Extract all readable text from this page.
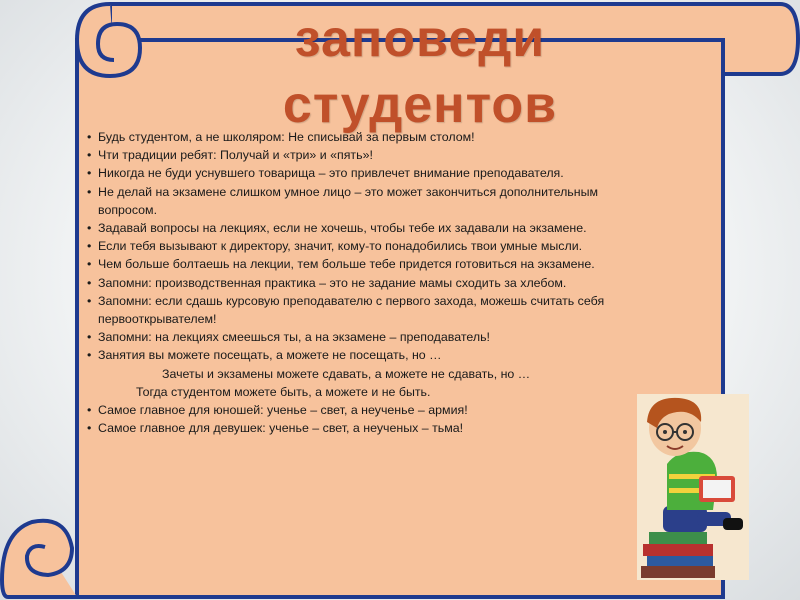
заповеди
студентов
• Будь студентом, а не школяром: Не списывай за первым столом!
• Чти традиции ребят: Получай и «три» и «пять»!
• Никогда не буди уснувшего товарища – это привлечет внимание преподавателя.
• Не делай на экзамене слишком умное лицо – это может закончиться дополнительным вопросом.
• Задавай вопросы на лекциях, если не хочешь, чтобы тебе их задавали на экзамене.
• Если тебя вызывают к директору, значит, кому-то понадобились твои умные мысли.
• Чем больше болтаешь на лекции, тем больше тебе придется готовиться на экзамене.
• Запомни: производственная практика – это не задание мамы сходить за хлебом.
• Запомни: если сдашь курсовую преподавателю с первого захода, можешь считать себя первооткрывателем!
• Запомни: на лекциях смеешься ты, а на экзамене – преподаватель!
• Занятия вы можете посещать, а можете не посещать, но …
Зачеты и экзамены можете сдавать, а можете не сдавать, но …
Тогда студентом можете быть, а можете и не быть.
• Самое главное для юношей: ученье – свет, а неученье – армия!
• Самое главное для девушек: ученье – свет, а неученых – тьма!
